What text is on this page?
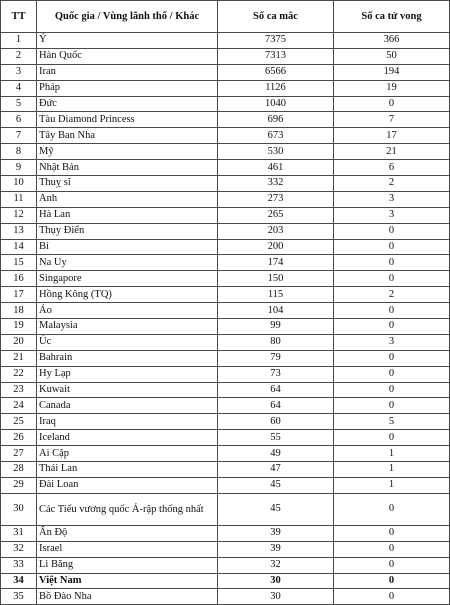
TT	Quốc gia / Vùng lãnh thổ / Khác	Số ca mắc	Số ca tử vong
1	Ý	7375	366
2	Hàn Quốc	7313	50
3	Iran	6566	194
4	Pháp	1126	19
5	Đức	1040	0
6	Tàu Diamond Princess	696	7
7	Tây Ban Nha	673	17
8	Mỹ	530	21
9	Nhật Bản	461	6
10	Thuỵ sĩ	332	2
11	Anh	273	3
12	Hà Lan	265	3
13	Thụy Điển	203	0
14	Bỉ	200	0
15	Na Uy	174	0
16	Singapore	150	0
17	Hồng Kông (TQ)	115	2
18	Áo	104	0
19	Malaysia	99	0
20	Úc	80	3
21	Bahrain	79	0
22	Hy Lạp	73	0
23	Kuwait	64	0
24	Canada	64	0
25	Iraq	60	5
26	Iceland	55	0
27	Ai Cập	49	1
28	Thái Lan	47	1
29	Đài Loan	45	1
30	Các Tiểu vương quốc Ả-rập thống nhất	45	0
31	Ấn Độ	39	0
32	Israel	39	0
33	Li Băng	32	0
34	Việt Nam	30	0
35	Bồ Đào Nha	30	0
